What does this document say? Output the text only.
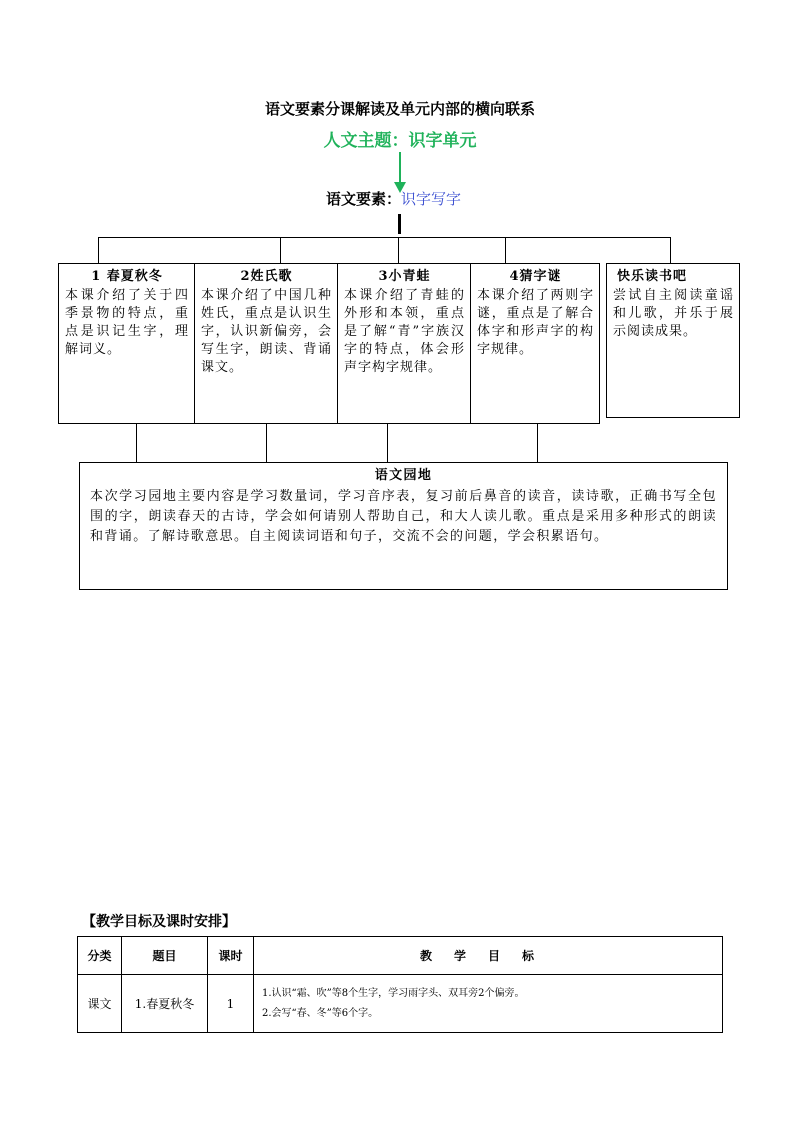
语文要素分课解读及单元内部的横向联系
人文主题：识字单元
语文要素：识字写字
1 春夏秋冬
本课介绍了关于四季景物的特点，重点是识记生字，理解词义。
2姓氏歌
本课介绍了中国几种姓氏，重点是认识生字，认识新偏旁，会写生字，朗读、背诵课文。
3小青蛙
本课介绍了青蛙的外形和本领，重点是了解“青”字族汉字的特点，体会形声字构字规律。
4猜字谜
本课介绍了两则字谜，重点是了解合体字和形声字的构字规律。
快乐读书吧
尝试自主阅读童谣和儿歌，并乐于展示阅读成果。
语文园地
本次学习园地主要内容是学习数量词，学习音序表，复习前后鼻音的读音，读诗歌，正确书写全包围的字，朗读春天的古诗，学会如何请别人帮助自己，和大人读儿歌。重点是采用多种形式的朗读和背诵。了解诗歌意思。自主阅读词语和句子，交流不会的问题，学会积累语句。
【教学目标及课时安排】
分类	题目	课时	教学目标
课文	1.春夏秋冬	1	1.认识“霜、吹”等8个生字，学习雨字头、双耳旁2个偏旁。
2.会写“春、冬”等6个字。
